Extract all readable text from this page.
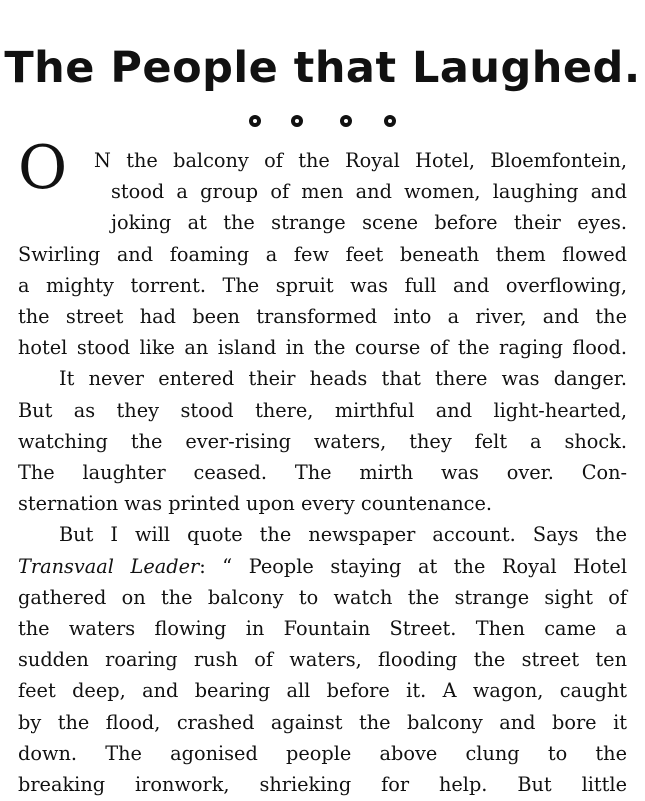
The People that Laughed.
O N the balcony of the Royal Hotel, Bloemfontein,

stood a group of men and women, laughing and

joking at the strange scene before their eyes.

Swirling and foaming a few feet beneath them flowed

a mighty torrent. The spruit was full and overflowing,

the street had been transformed into a river, and the

hotel stood like an island in the course of the raging flood.

It never entered their heads that there was danger.

But as they stood there, mirthful and light-hearted,

watching the ever-rising waters, they felt a shock.

The laughter ceased. The mirth was over. Con-

sternation was printed upon every countenance.

But I will quote the newspaper account. Says the

Transvaal Leader: “ People staying at the Royal Hotel

gathered on the balcony to watch the strange sight of

the waters flowing in Fountain Street. Then came a

sudden roaring rush of waters, flooding the street ten

feet deep, and bearing all before it. A wagon, caught

by the flood, crashed against the balcony and bore it

down. The agonised people above clung to the

breaking ironwork, shrieking for help. But little
